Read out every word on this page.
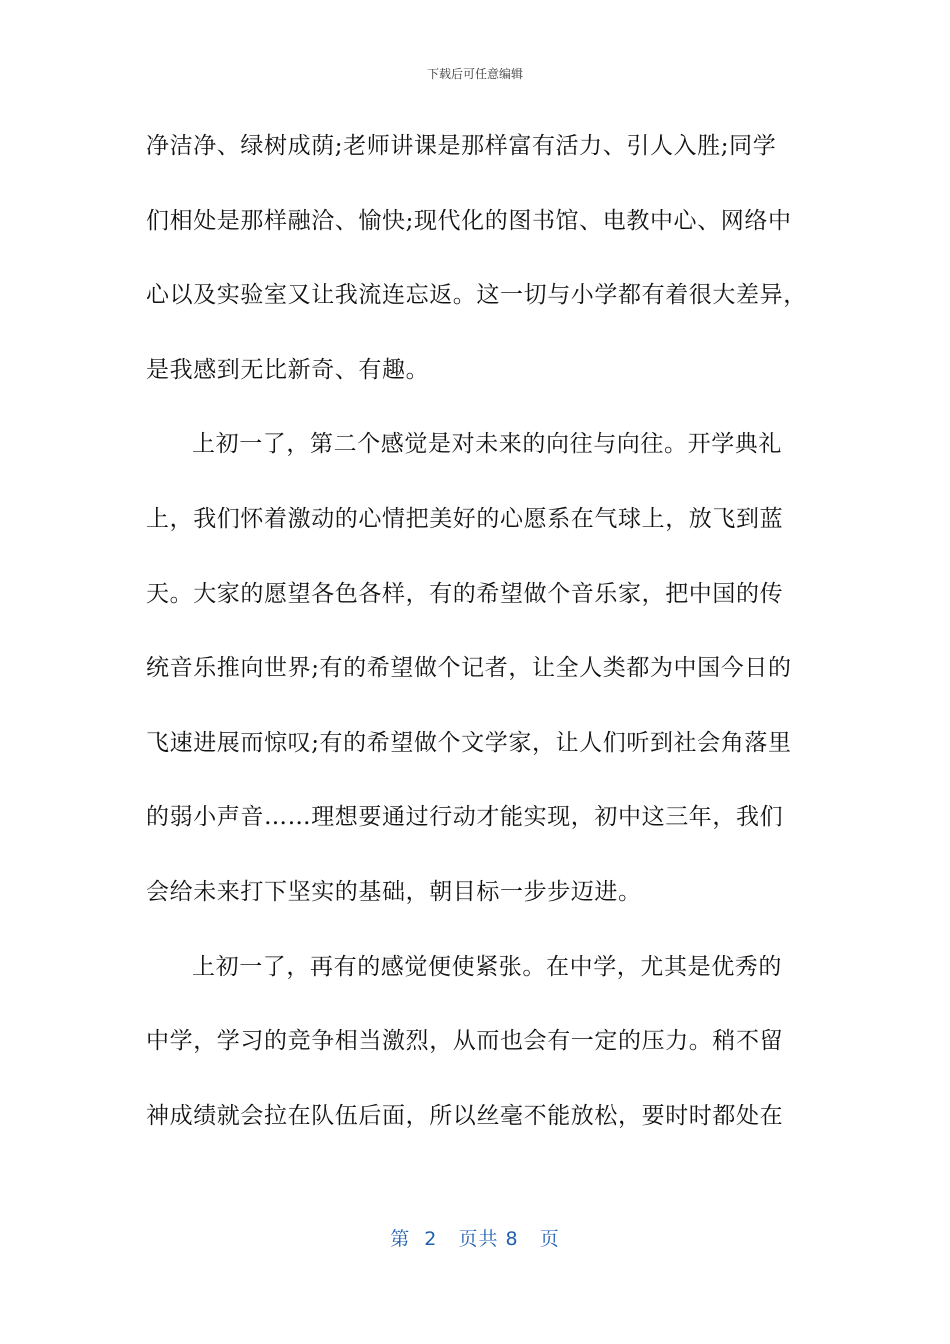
下载后可任意编辑
净洁净、绿树成荫;老师讲课是那样富有活力、引人入胜;同学
们相处是那样融洽、愉快;现代化的图书馆、电教中心、网络中
心以及实验室又让我流连忘返。这一切与小学都有着很大差异，
是我感到无比新奇、有趣。
上初一了，第二个感觉是对未来的向往与向往。开学典礼
上，我们怀着激动的心情把美好的心愿系在气球上，放飞到蓝
天。大家的愿望各色各样，有的希望做个音乐家，把中国的传
统音乐推向世界;有的希望做个记者，让全人类都为中国今日的
飞速进展而惊叹;有的希望做个文学家，让人们听到社会角落里
的弱小声音……理想要通过行动才能实现，初中这三年，我们
会给未来打下坚实的基础，朝目标一步步迈进。
上初一了，再有的感觉便使紧张。在中学，尤其是优秀的
中学，学习的竞争相当激烈，从而也会有一定的压力。稍不留
神成绩就会拉在队伍后面，所以丝毫不能放松，要时时都处在
第  2   页共 8   页
